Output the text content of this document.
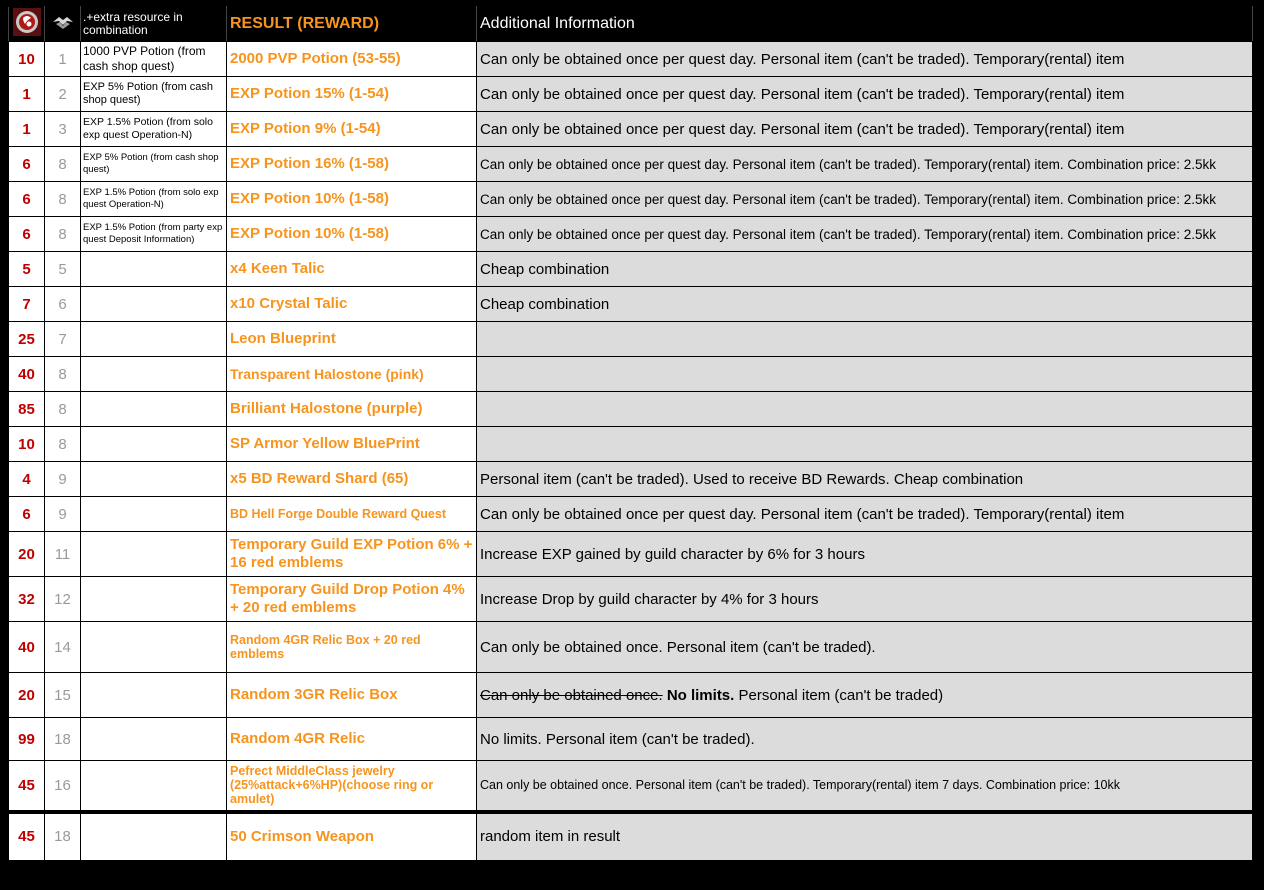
		.+extra resource in combination	RESULT (REWARD)	Additional Information
10	1	1000 PVP Potion (from cash shop quest)	2000 PVP Potion (53-55)	Can only be obtained once per quest day. Personal item (can't be traded). Temporary(rental) item
1	2	EXP 5% Potion (from cash shop quest)	EXP Potion 15% (1-54)	Can only be obtained once per quest day. Personal item (can't be traded). Temporary(rental) item
1	3	EXP 1.5% Potion (from solo exp quest Operation-N)	EXP Potion 9% (1-54)	Can only be obtained once per quest day. Personal item (can't be traded). Temporary(rental) item
6	8	EXP 5% Potion (from cash shop quest)	EXP Potion 16% (1-58)	Can only be obtained once per quest day. Personal item (can't be traded). Temporary(rental) item. Combination price: 2.5kk
6	8	EXP 1.5% Potion (from solo exp quest Operation-N)	EXP Potion 10% (1-58)	Can only be obtained once per quest day. Personal item (can't be traded). Temporary(rental) item. Combination price: 2.5kk
6	8	EXP 1.5% Potion (from party exp quest Deposit Information)	EXP Potion 10% (1-58)	Can only be obtained once per quest day. Personal item (can't be traded). Temporary(rental) item. Combination price: 2.5kk
5	5		x4 Keen Talic	Cheap combination
7	6		x10 Crystal Talic	Cheap combination
25	7		Leon Blueprint	
40	8		Transparent Halostone (pink)	
85	8		Brilliant Halostone (purple)	
10	8		SP Armor Yellow BluePrint	
4	9		x5 BD Reward Shard (65)	Personal item (can't be traded). Used to receive BD Rewards. Cheap combination
6	9		BD Hell Forge Double Reward Quest	Can only be obtained once per quest day. Personal item (can't be traded). Temporary(rental) item
20	11		Temporary Guild EXP Potion 6% + 16 red emblems	Increase EXP gained by guild character by 6% for 3 hours
32	12		Temporary Guild Drop Potion 4% + 20 red emblems	Increase Drop by guild character by 4% for 3 hours
40	14		Random 4GR Relic Box + 20 red emblems	Can only be obtained once. Personal item (can't be traded).
20	15		Random 3GR Relic Box	Can only be obtained once. No limits. Personal item (can't be traded)
99	18		Random 4GR Relic	No limits. Personal item (can't be traded).
45	16		Pefrect MiddleClass jewelry (25%attack+6%HP)(choose ring or amulet)	Can only be obtained once. Personal item (can't be traded). Temporary(rental) item 7 days. Combination price: 10kk
45	18		50 Crimson Weapon	random item in result
